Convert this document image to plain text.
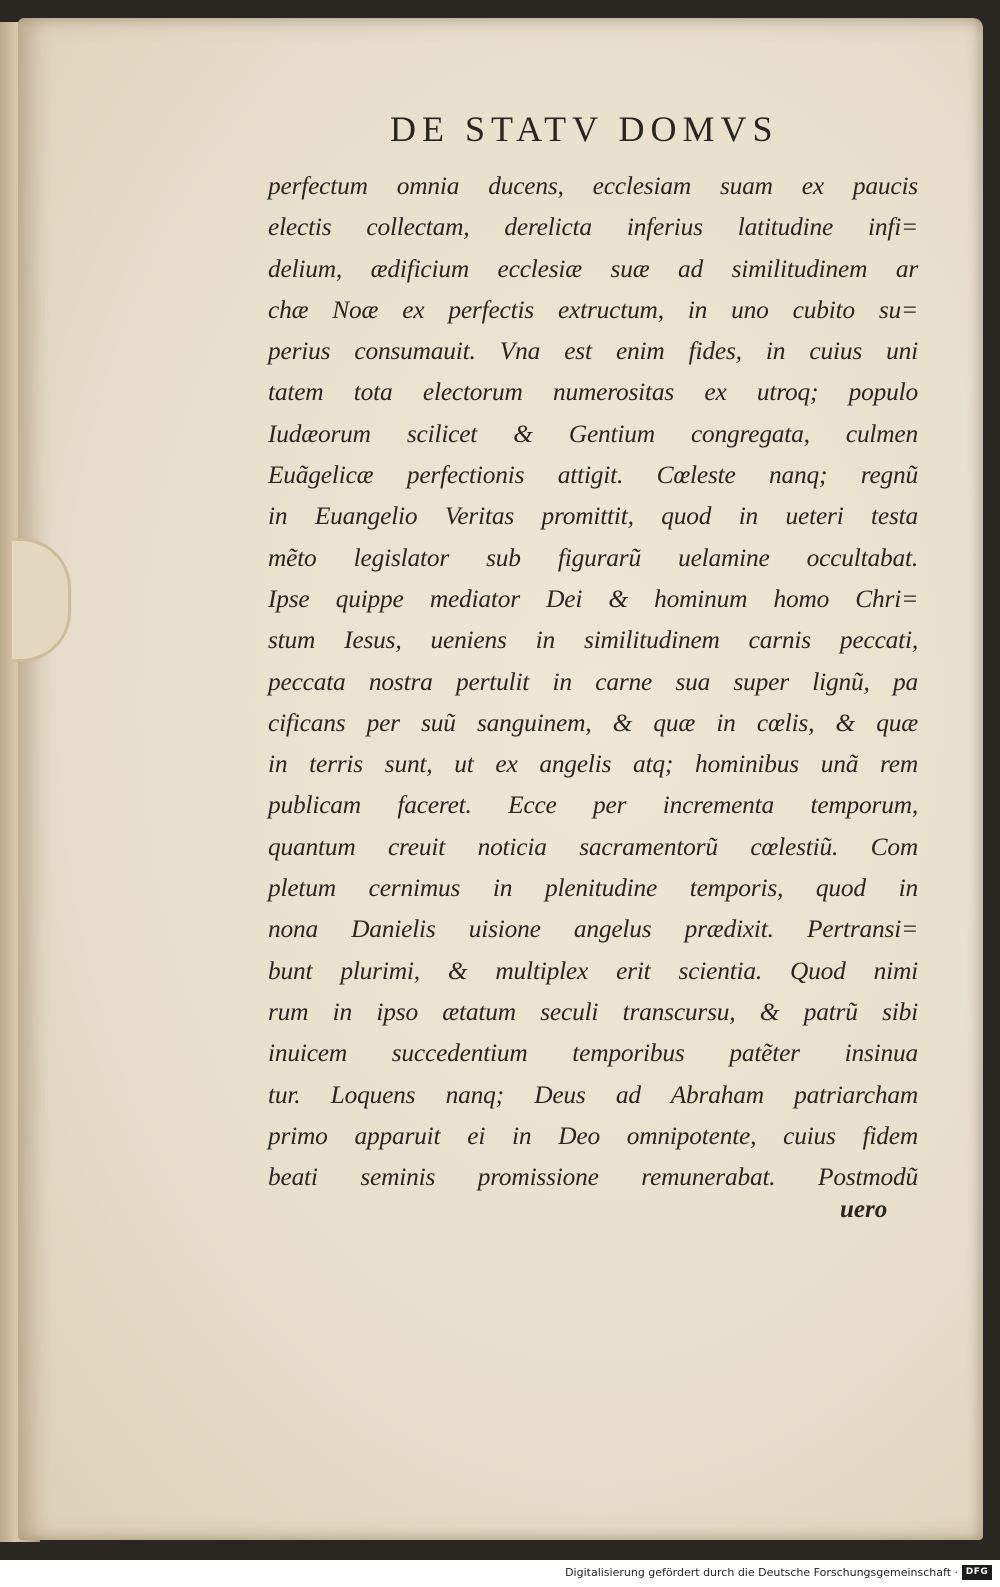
DE STATV DOMVS
perfectum omnia ducens, ecclesiam suam ex paucis
electis collectam, derelicta inferius latitudine infi=
delium, ædificium ecclesiæ suæ ad similitudinem ar
chæ Noæ ex perfectis extructum, in uno cubito su=
perius consumauit. Vna est enim fides, in cuius uni
tatem tota electorum numerositas ex utroq; populo
Iudæorum scilicet & Gentium congregata, culmen
Euãgelicæ perfectionis attigit. Cœleste nanq; regnũ
in Euangelio Veritas promittit, quod in ueteri testa
mẽto legislator sub figurarũ uelamine occultabat.
Ipse quippe mediator Dei & hominum homo Chri=
stum Iesus, ueniens in similitudinem carnis peccati,
peccata nostra pertulit in carne sua super lignũ, pa
cificans per suũ sanguinem, & quæ in cœlis, & quæ
in terris sunt, ut ex angelis atq; hominibus unã rem
publicam faceret. Ecce per incrementa temporum,
quantum creuit noticia sacramentorũ cœlestiũ. Com
pletum cernimus in plenitudine temporis, quod in
nona Danielis uisione angelus prædixit. Pertransi=
bunt plurimi, & multiplex erit scientia. Quod nimi
rum in ipso ætatum seculi transcursu, & patrũ sibi
inuicem succedentium temporibus patẽter insinua
tur. Loquens nanq; Deus ad Abraham patriarcham
primo apparuit ei in Deo omnipotente, cuius fidem
beati seminis promissione remunerabat. Postmodũ
uero
Digitalisierung gefördert durch die Deutsche Forschungsgemeinschaft · DFG
